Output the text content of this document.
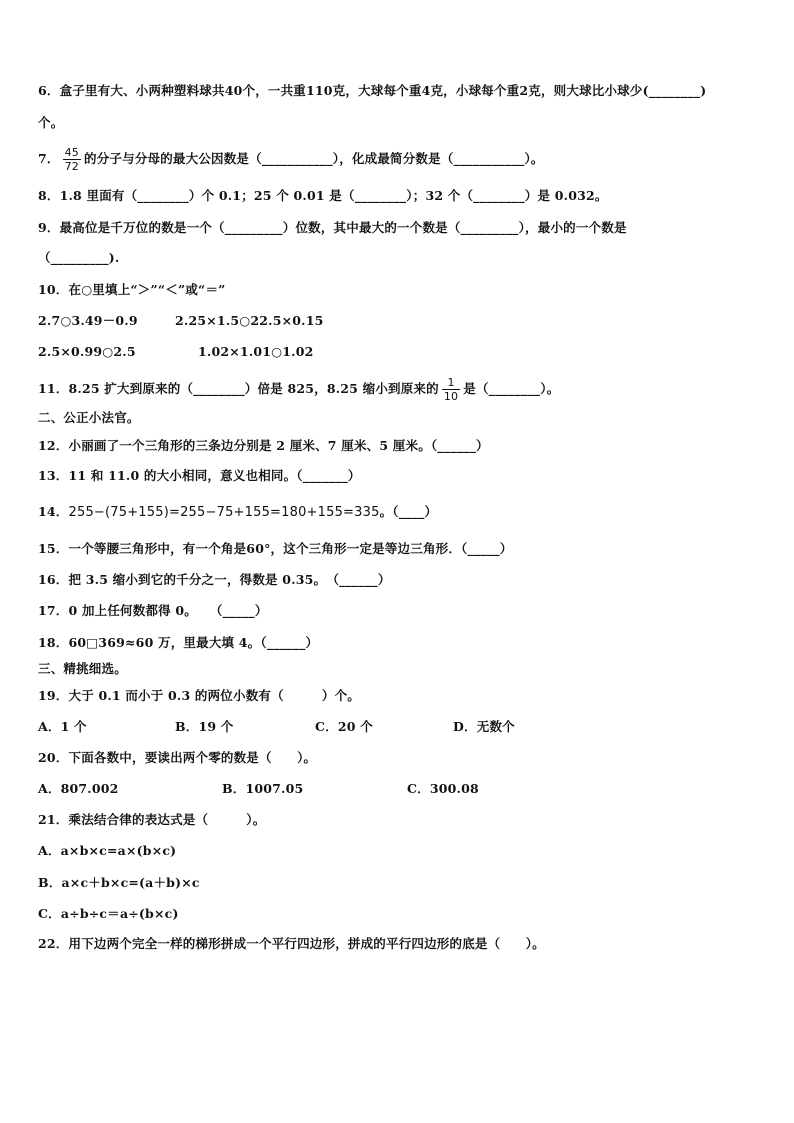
6．盒子里有大、小两种塑料球共40个，一共重110克，大球每个重4克，小球每个重2克，则大球比小球少(________)
个。
7． $\frac{45}{72}$ 的分子与分母的最大公因数是（___________），化成最简分数是（___________）。
8．1.8 里面有（________）个 0.1；25 个 0.01 是（________）；32 个（________）是 0.032。
9．最高位是千万位的数是一个（_________）位数，其中最大的一个数是（_________），最小的一个数是
（_________).
10．在○里填上“＞”“＜”或“＝”
2.7○3.49－0.9	2.25×1.5○22.5×0.15
2.5×0.99○2.5	1.02×1.01○1.02
11．8.25 扩大到原来的（________）倍是 825，8.25 缩小到原来的 $\frac{1}{10}$ 是（________）。
二、公正小法官。
12．小丽画了一个三角形的三条边分别是 2 厘米、7 厘米、5 厘米。（______）
13．11 和 11.0 的大小相同，意义也相同。（_______）
14．255−(75+155)=255−75+155=180+155=335。（____）
15．一个等腰三角形中，有一个角是60°，这个三角形一定是等边三角形．（_____）
16．把 3.5 缩小到它的千分之一，得数是 0.35。　（______）
17．0 加上任何数都得 0。　　（_____）
18．60□369≈60 万，里最大填 4。（______）
三、精挑细选。
19．大于 0.1 而小于 0.3 的两位小数有（　　　）个。
A．1 个	B．19 个	C．20 个	D．无数个
20．下面各数中，要读出两个零的数是（　　）。
A．807.002	B．1007.05	C．300.08
21．乘法结合律的表达式是（　　　）。
A．a×b×c=a×(b×c)
B．a×c＋b×c=(a＋b)×c
C．a÷b÷c＝a÷(b×c)
22．用下边两个完全一样的梯形拼成一个平行四边形，拼成的平行四边形的底是（　　）。
